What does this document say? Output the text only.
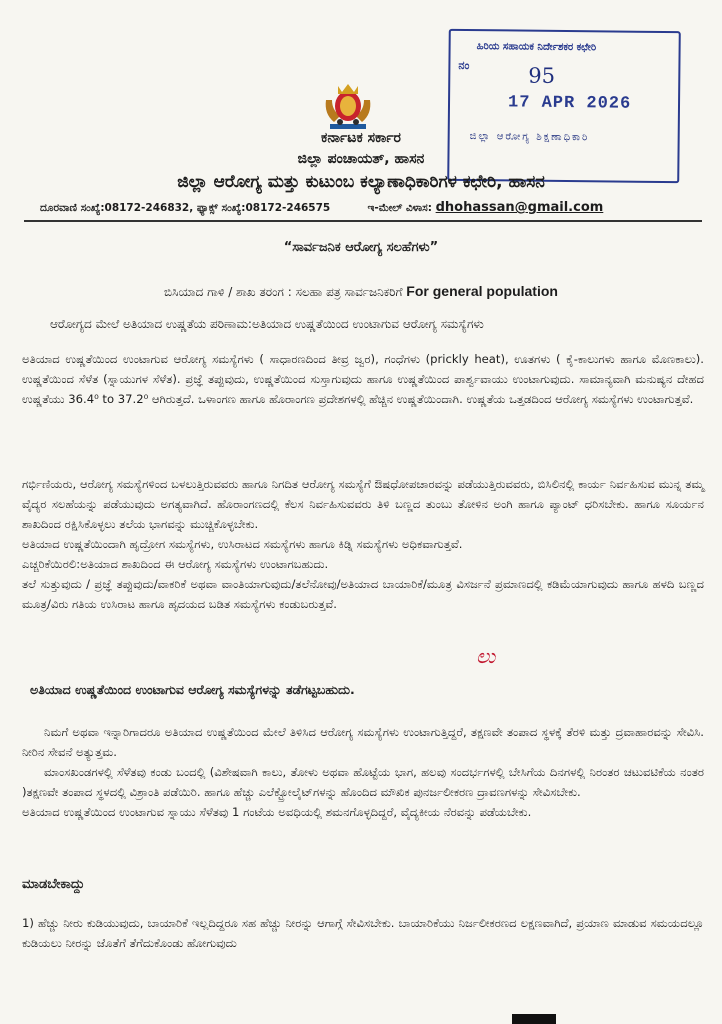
ಹಿರಿಯ ಸಹಾಯಕ ನಿರ್ದೇಶಕರ ಕಛೇರಿ
ನಂ	95
17 APR 2026
ಜಿಲ್ಲಾ ಆರೋಗ್ಯ ಶಿಕ್ಷಣಾಧಿಕಾರಿ
ಕರ್ನಾಟಕ ಸರ್ಕಾರ
ಜಿಲ್ಲಾ ಪಂಚಾಯತ್, ಹಾಸನ
ಜಿಲ್ಲಾ ಆರೋಗ್ಯ ಮತ್ತು ಕುಟುಂಬ ಕಲ್ಯಾಣಾಧಿಕಾರಿಗಳ ಕಛೇರಿ, ಹಾಸನ
ದೂರವಾಣಿ ಸಂಖ್ಯೆ:08172-246832, ಫ್ಯಾಕ್ಸ್ ಸಂಖ್ಯೆ:08172-246575	ಇ-ಮೇಲ್ ವಿಳಾಸ: dhohassan@gmail.com
“ಸಾರ್ವಜನಿಕ ಆರೋಗ್ಯ ಸಲಹೆಗಳು”
ಬಿಸಿಯಾದ ಗಾಳಿ / ಶಾಖ ತರಂಗ : ಸಲಹಾ ಪತ್ರ ಸಾರ್ವಜನಿಕರಿಗೆ For general population
ಆರೋಗ್ಯದ ಮೇಲೆ ಅತಿಯಾದ ಉಷ್ಣತೆಯ ಪರಿಣಾಮ:ಅತಿಯಾದ ಉಷ್ಣತೆಯಿಂದ ಉಂಟಾಗುವ ಆರೋಗ್ಯ ಸಮಸ್ಯೆಗಳು

ಅತಿಯಾದ ಉಷ್ಣತೆಯಿಂದ ಉಂಟಾಗುವ ಆರೋಗ್ಯ ಸಮಸ್ಯೆಗಳು ( ಸಾಧಾರಣದಿಂದ ತೀವ್ರ ಜ್ವರ), ಗಂಧೆಗಳು (prickly heat), ಊತಗಳು ( ಕೈ-ಕಾಲುಗಳು ಹಾಗೂ ಮೊಣಕಾಲು). ಉಷ್ಣತೆಯಿಂದ ಸೆಳೆತ (ಸ್ನಾಯುಗಳ ಸೆಳೆತ). ಪ್ರಜ್ಞೆ ತಪ್ಪುವುದು, ಉಷ್ಣತೆಯಿಂದ ಸುಸ್ತಾಗುವುದು ಹಾಗೂ ಉಷ್ಣತೆಯಿಂದ ಪಾರ್ಶ್ವವಾಯು ಉಂಟಾಗುವುದು. ಸಾಮಾನ್ಯವಾಗಿ ಮನುಷ್ಯನ ದೇಹದ ಉಷ್ಣತೆಯು 36.4⁰ to 37.2⁰ ಆಗಿರುತ್ತದೆ. ಒಳಾಂಗಣ ಹಾಗೂ ಹೊರಾಂಗಣ ಪ್ರದೇಶಗಳಲ್ಲಿ ಹೆಚ್ಚಿನ ಉಷ್ಣತೆಯಿಂದಾಗಿ. ಉಷ್ಣತೆಯ ಒತ್ತಡದಿಂದ ಆರೋಗ್ಯ ಸಮಸ್ಯೆಗಳು ಉಂಟಾಗುತ್ತವೆ.

ಗರ್ಭಿಣಿಯರು, ಆರೋಗ್ಯ ಸಮಸ್ಯೆಗಳಿಂದ ಬಳಲುತ್ತಿರುವವರು ಹಾಗೂ ನಿಗದಿತ ಆರೋಗ್ಯ ಸಮಸ್ಯೆಗೆ ಔಷಧೋಪಚಾರವನ್ನು ಪಡೆಯುತ್ತಿರುವವರು, ಬಿಸಿಲಿನಲ್ಲಿ ಕಾರ್ಯ ನಿರ್ವಹಿಸುವ ಮುನ್ನ ತಮ್ಮ ವೈದ್ಯರ ಸಲಹೆಯನ್ನು ಪಡೆಯುವುದು ಅಗತ್ಯವಾಗಿದೆ. ಹೊರಾಂಗಣದಲ್ಲಿ ಕೆಲಸ ನಿರ್ವಹಿಸುವವರು ತಿಳಿ ಬಣ್ಣದ ತುಂಬು ತೋಳಿನ ಅಂಗಿ ಹಾಗೂ ಪ್ಯಾಂಟ್ ಧರಿಸಬೇಕು. ಹಾಗೂ ಸೂರ್ಯನ ಶಾಖದಿಂದ ರಕ್ಷಿಸಿಕೊಳ್ಳಲು ತಲೆಯ ಭಾಗವನ್ನು ಮುಚ್ಚಿಕೊಳ್ಳಬೇಕು.

ಅತಿಯಾದ ಉಷ್ಣತೆಯಿಂದಾಗಿ ಹೃದ್ರೋಗ ಸಮಸ್ಯೆಗಳು, ಉಸಿರಾಟದ ಸಮಸ್ಯೆಗಳು ಹಾಗೂ ಕಿಡ್ನಿ ಸಮಸ್ಯೆಗಳು ಅಧಿಕವಾಗುತ್ತವೆ.

ಎಚ್ಚರಿಕೆಯಿರಲಿ:ಅತಿಯಾದ ಶಾಖದಿಂದ ಈ ಆರೋಗ್ಯ ಸಮಸ್ಯೆಗಳು ಉಂಟಾಗಬಹುದು.

ತಲೆ ಸುತ್ತುವುದು / ಪ್ರಜ್ಞೆ ತಪ್ಪುವುದು/ವಾಕರಿಕೆ ಅಥವಾ ವಾಂತಿಯಾಗುವುದು/ತಲೆನೋವು/ಅತಿಯಾದ ಬಾಯಾರಿಕೆ/ಮೂತ್ರ ವಿಸರ್ಜನೆ ಪ್ರಮಾಣದಲ್ಲಿ ಕಡಿಮೆಯಾಗುವುದು ಹಾಗೂ ಹಳದಿ ಬಣ್ಣದ ಮೂತ್ರ/ವಿರು ಗತಿಯ ಉಸಿರಾಟ ಹಾಗೂ ಹೃದಯದ ಬಡಿತ ಸಮಸ್ಯೆಗಳು ಕಂಡುಬರುತ್ತವೆ.

ಅತಿಯಾದ ಉಷ್ಣತೆಯಿಂದ ಉಂಟಾಗುವ ಆರೋಗ್ಯ ಸಮಸ್ಯೆಗಳನ್ನು ತಡೆಗಟ್ಟಬಹುದು.
ಲು

ನಿಮಗೆ ಅಥವಾ ಇನ್ನಾರಿಗಾದರೂ ಅತಿಯಾದ ಉಷ್ಣತೆಯಿಂದ ಮೇಲೆ ತಿಳಿಸಿದ ಆರೋಗ್ಯ ಸಮಸ್ಯೆಗಳು ಉಂಟಾಗುತ್ತಿದ್ದರೆ, ತಕ್ಷಣವೇ ತಂಪಾದ ಸ್ಥಳಕ್ಕೆ ತೆರಳಿ ಮತ್ತು ದ್ರವಾಹಾರವನ್ನು ಸೇವಿಸಿ. ನೀರಿನ ಸೇವನೆ ಅತ್ಯುತ್ತಮ.

ಮಾಂಸಖಂಡಗಳಲ್ಲಿ ಸೆಳೆತವು ಕಂಡು ಬಂದಲ್ಲಿ (ವಿಶೇಷವಾಗಿ ಕಾಲು, ತೋಳು ಅಥವಾ ಹೊಟ್ಟೆಯ ಭಾಗ, ಹಲವು ಸಂದರ್ಭಗಳಲ್ಲಿ ಬೇಸಿಗೆಯ ದಿನಗಳಲ್ಲಿ ನಿರಂತರ ಚಟುವಟಿಕೆಯ ನಂತರ )ತಕ್ಷಣವೇ ತಂಪಾದ ಸ್ಥಳದಲ್ಲಿ ವಿಶ್ರಾಂತಿ ಪಡೆಯಿರಿ. ಹಾಗೂ ಹೆಚ್ಚು ಎಲೆಕ್ಟ್ರೋಲೈಟ್‌ಗಳನ್ನು ಹೊಂದಿದ ಮೌಖಿಕ ಪುನರ್ಜಲೀಕರಣ ದ್ರಾವಣಗಳನ್ನು ಸೇವಿಸಬೇಕು.

ಅತಿಯಾದ ಉಷ್ಣತೆಯಿಂದ ಉಂಟಾಗುವ ಸ್ನಾಯು ಸೆಳೆತವು 1 ಗಂಟೆಯ ಅವಧಿಯಲ್ಲಿ ಶಮನಗೊಳ್ಳದಿದ್ದರೆ, ವೈದ್ಯಕೀಯ ನೆರವನ್ನು ಪಡೆಯಬೇಕು.

ಮಾಡಬೇಕಾದ್ದು

1) ಹೆಚ್ಚು ನೀರು ಕುಡಿಯುವುದು, ಬಾಯಾರಿಕೆ ಇಲ್ಲದಿದ್ದರೂ ಸಹ ಹೆಚ್ಚು ನೀರನ್ನು ಆಗಾಗ್ಗೆ ಸೇವಿಸಬೇಕು. ಬಾಯಾರಿಕೆಯು ನಿರ್ಜಲೀಕರಣದ ಲಕ್ಷಣವಾಗಿದೆ, ಪ್ರಯಾಣ ಮಾಡುವ ಸಮಯದಲ್ಲೂ ಕುಡಿಯಲು ನೀರನ್ನು ಜೊತೆಗೆ ತೆಗೆದುಕೊಂಡು ಹೋಗುವುದು
